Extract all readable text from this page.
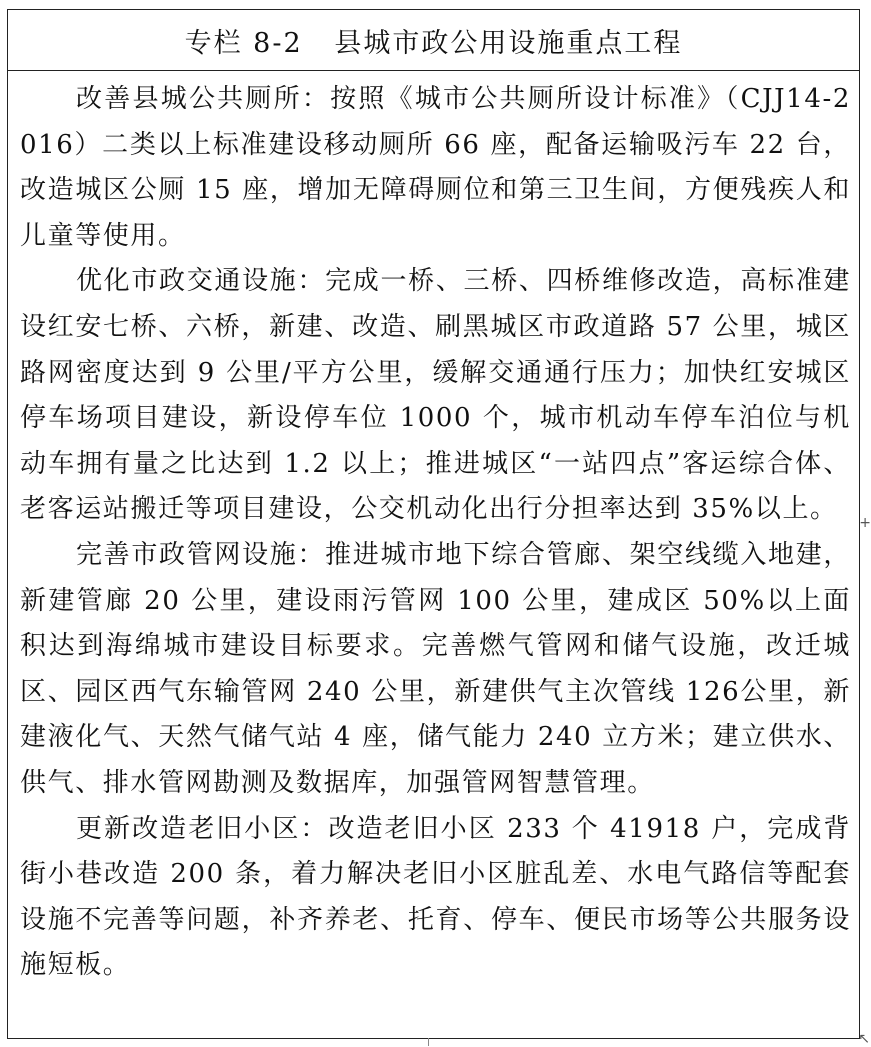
专栏 8-2   县城市政公用设施重点工程

改善县城公共厕所：按照《城市公共厕所设计标准》（CJJ14-2016）二类以上标准建设移动厕所 66 座，配备运输吸污车 22 台，改造城区公厕 15 座，增加无障碍厕位和第三卫生间，方便残疾人和儿童等使用。

优化市政交通设施：完成一桥、三桥、四桥维修改造，高标准建设红安七桥、六桥，新建、改造、刷黑城区市政道路 57 公里，城区路网密度达到 9 公里/平方公里，缓解交通通行压力；加快红安城区停车场项目建设，新设停车位 1000 个，城市机动车停车泊位与机动车拥有量之比达到 1.2 以上；推进城区“一站四点”客运综合体、老客运站搬迁等项目建设，公交机动化出行分担率达到 35%以上。

完善市政管网设施：推进城市地下综合管廊、架空线缆入地建，新建管廊 20 公里，建设雨污管网 100 公里，建成区 50%以上面积达到海绵城市建设目标要求。完善燃气管网和储气设施，改迁城区、园区西气东输管网 240 公里，新建供气主次管线 126公里，新建液化气、天然气储气站 4 座，储气能力 240 立方米；建立供水、供气、排水管网勘测及数据库，加强管网智慧管理。

更新改造老旧小区：改造老旧小区 233 个 41918 户，完成背街小巷改造 200 条，着力解决老旧小区脏乱差、水电气路信等配套设施不完善等问题，补齐养老、托育、停车、便民市场等公共服务设施短板。

+
↖
